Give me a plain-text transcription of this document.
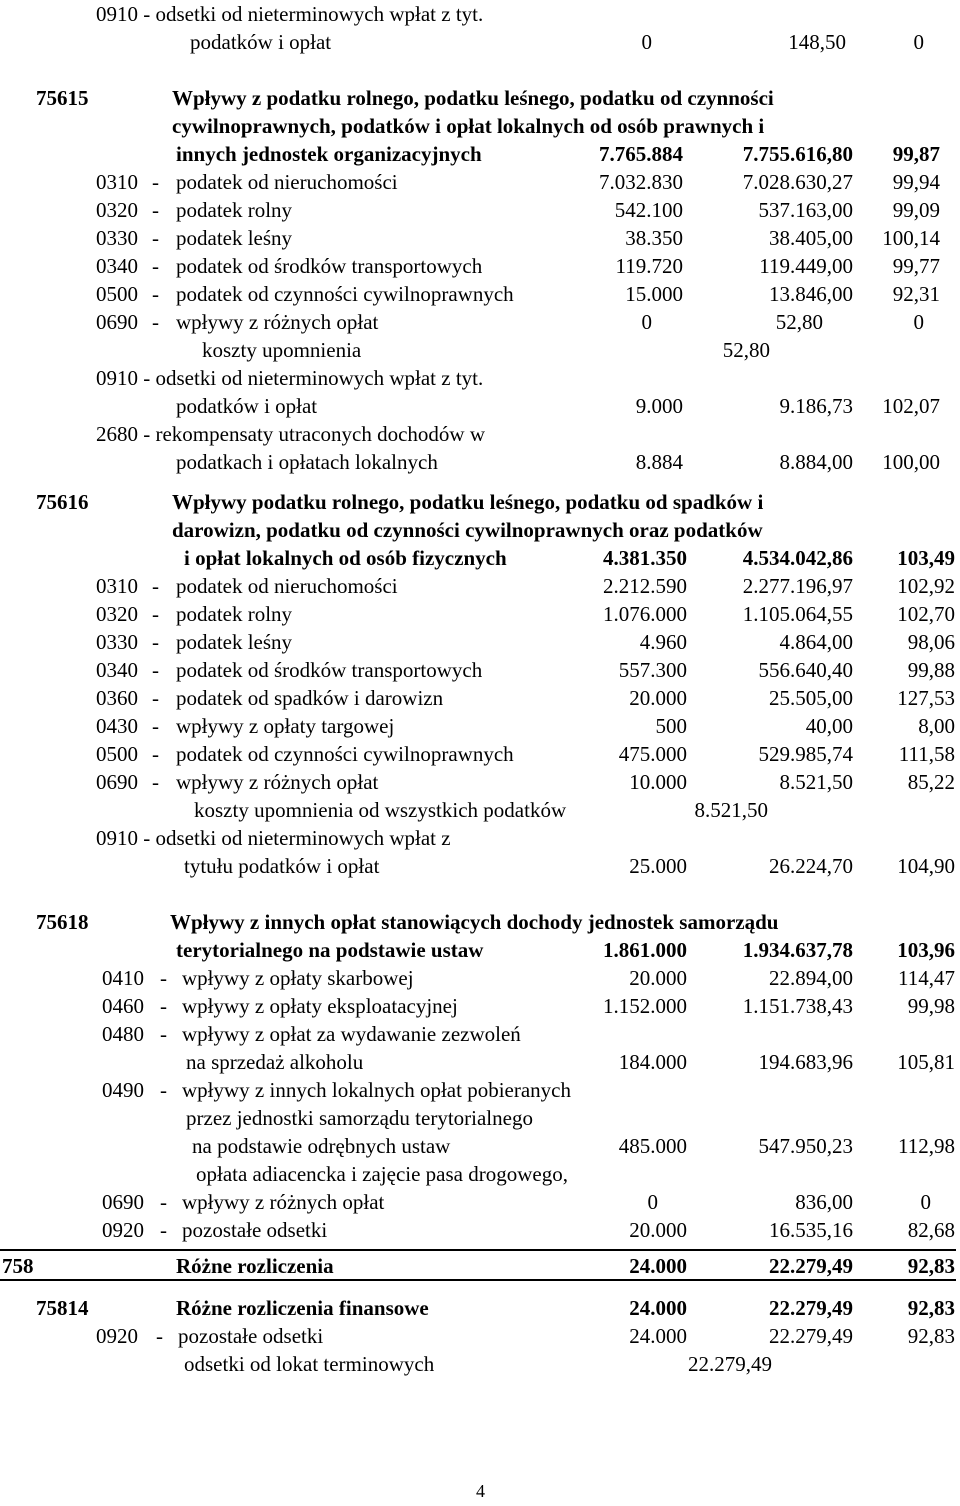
0910 - odsetki od nieterminowych wpłat z tyt.
podatków i opłat	0	148,50	0
75615	Wpływy z podatku rolnego, podatku leśnego, podatku od czynności
cywilnoprawnych, podatków i opłat lokalnych od osób prawnych i
innych jednostek organizacyjnych	7.765.884	7.755.616,80 99,87
0310 - podatek od nieruchomości	7.032.830	7.028.630,27 99,94
0320 - podatek rolny	542.100	537.163,00 99,09
0330 - podatek leśny	38.350	38.405,00 100,14
0340 - podatek od środków transportowych	119.720	119.449,00 99,77
0500 - podatek od czynności cywilnoprawnych	15.000	13.846,00 92,31
0690 - wpływy z różnych opłat	0	52,80	0
koszty upomnienia	52,80
0910 - odsetki od nieterminowych wpłat z tyt.
podatków i opłat	9.000	9.186,73 102,07
2680 - rekompensaty utraconych dochodów w
podatkach i opłatach lokalnych	8.884	8.884,00 100,00
75616	Wpływy podatku rolnego, podatku leśnego, podatku od spadków i
darowizn, podatku od czynności cywilnoprawnych oraz podatków
i opłat lokalnych od osób fizycznych	4.381.350	4.534.042,86 103,49
0310 - podatek od nieruchomości	2.212.590	2.277.196,97 102,92
0320 - podatek rolny	1.076.000	1.105.064,55 102,70
0330 - podatek leśny	4.960	4.864,00	98,06
0340 - podatek od środków transportowych	557.300	556.640,40	99,88
0360 - podatek od spadków i darowizn	20.000	25.505,00 127,53
0430 - wpływy z opłaty targowej	500	40,00	8,00
0500 - podatek od czynności cywilnoprawnych	475.000	529.985,74 111,58
0690 - wpływy z różnych opłat	10.000	8.521,50	85,22
koszty upomnienia od wszystkich podatków	8.521,50
0910 - odsetki od nieterminowych wpłat z
tytułu podatków i opłat	25.000	26.224,70 104,90
75618	Wpływy z innych opłat stanowiących dochody jednostek samorządu
terytorialnego na podstawie ustaw	1.861.000	1.934.637,78 103,96
0410 - wpływy z opłaty skarbowej	20.000	22.894,00 114,47
0460 - wpływy z opłaty eksploatacyjnej	1.152.000	1.151.738,43	99,98
0480 - wpływy z opłat za wydawanie zezwoleń
na sprzedaż alkoholu	184.000	194.683,96 105,81
0490 - wpływy z innych lokalnych opłat pobieranych
przez jednostki samorządu terytorialnego
na podstawie odrębnych ustaw	485.000	547.950,23 112,98
opłata adiacencka i zajęcie pasa drogowego,
0690 - wpływy z różnych opłat	0	836,00	0
0920 - pozostałe odsetki	20.000	16.535,16	82,68
758	Różne rozliczenia	24.000	22.279,49	92,83
75814	Różne rozliczenia finansowe	24.000	22.279,49	92,83
0920 - pozostałe odsetki	24.000	22.279,49	92,83
odsetki od lokat terminowych	22.279,49
4
